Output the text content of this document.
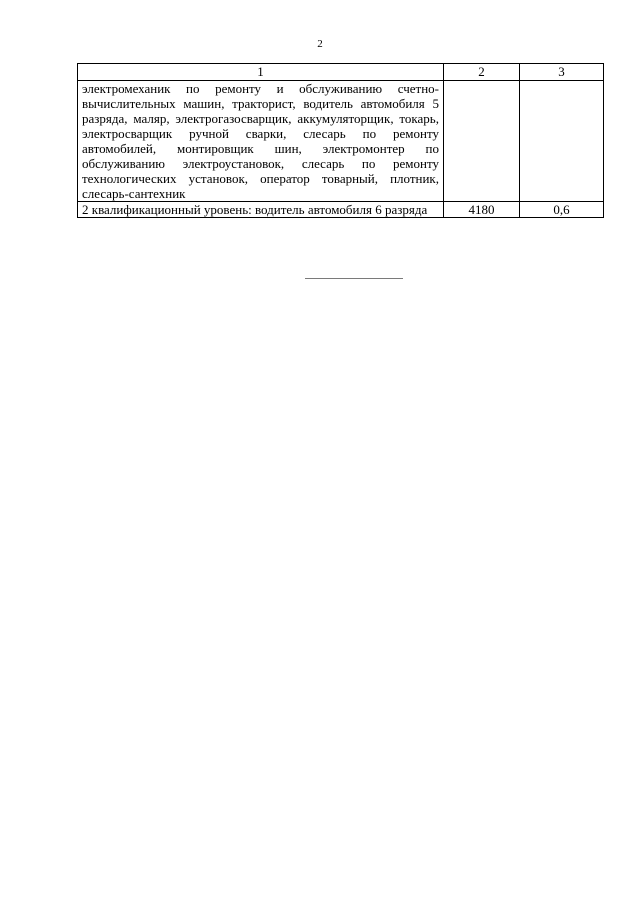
2
1	2	3
электромеханик по ремонту и обслуживанию счетно-вычислительных машин, тракторист, водитель автомобиля 5 разряда, маляр, электрогазосварщик, аккумуляторщик, токарь, электросварщик ручной сварки, слесарь по ремонту автомобилей, монтировщик шин, электромонтер по обслуживанию электроустановок, слесарь по ремонту технологических установок, оператор товарный, плотник, слесарь-сантехник		
2 квалификационный уровень: водитель автомобиля 6 разряда	4180	0,6
